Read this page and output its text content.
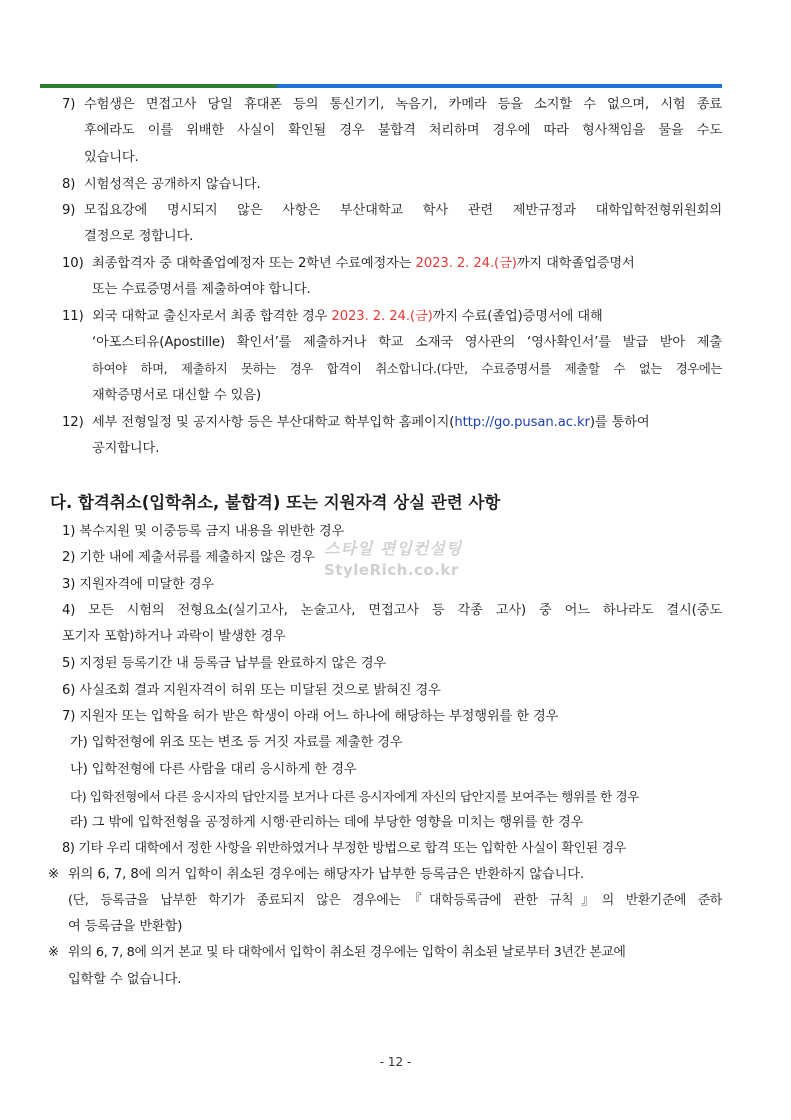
7) 수험생은 면접고사 당일 휴대폰 등의 통신기기, 녹음기, 카메라 등을 소지할 수 없으며, 시험 종료
후에라도 이를 위배한 사실이 확인될 경우 불합격 처리하며 경우에 따라 형사책임을 물을 수도
있습니다.
8) 시험성적은 공개하지 않습니다.
9) 모집요강에 명시되지 않은 사항은 부산대학교 학사 관련 제반규정과 대학입학전형위원회의
결정으로 정합니다.
10) 최종합격자 중 대학졸업예정자 또는 2학년 수료예정자는 2023. 2. 24.(금)까지 대학졸업증명서
또는 수료증명서를 제출하여야 합니다.
11) 외국 대학교 출신자로서 최종 합격한 경우 2023. 2. 24.(금)까지 수료(졸업)증명서에 대해
‘아포스티유(Apostille) 확인서’를 제출하거나 학교 소재국 영사관의 ‘영사확인서’를 발급 받아 제출
하여야 하며, 제출하지 못하는 경우 합격이 취소합니다.(다만, 수료증명서를 제출할 수 없는 경우에는
재학증명서로 대신할 수 있음)
12) 세부 전형일정 및 공지사항 등은 부산대학교 학부입학 홈페이지(http://go.pusan.ac.kr)를 통하여
공지합니다.
다. 합격취소(입학취소, 불합격) 또는 지원자격 상실 관련 사항
1) 복수지원 및 이중등록 금지 내용을 위반한 경우
2) 기한 내에 제출서류를 제출하지 않은 경우
3) 지원자격에 미달한 경우
4) 모든 시험의 전형요소(실기고사, 논술고사, 면접고사 등 각종 고사) 중 어느 하나라도 결시(중도
포기자 포함)하거나 과락이 발생한 경우
5) 지정된 등록기간 내 등록금 납부를 완료하지 않은 경우
6) 사실조회 결과 지원자격이 허위 또는 미달된 것으로 밝혀진 경우
7) 지원자 또는 입학을 허가 받은 학생이 아래 어느 하나에 해당하는 부정행위를 한 경우
가) 입학전형에 위조 또는 변조 등 거짓 자료를 제출한 경우
나) 입학전형에 다른 사람을 대리 응시하게 한 경우
다) 입학전형에서 다른 응시자의 답안지를 보거나 다른 응시자에게 자신의 답안지를 보여주는 행위를 한 경우
라) 그 밖에 입학전형을 공정하게 시행·관리하는 데에 부당한 영향을 미치는 행위를 한 경우
8) 기타 우리 대학에서 정한 사항을 위반하였거나 부정한 방법으로 합격 또는 입학한 사실이 확인된 경우
※ 위의 6, 7, 8에 의거 입학이 취소된 경우에는 해당자가 납부한 등록금은 반환하지 않습니다.
(단, 등록금을 납부한 학기가 종료되지 않은 경우에는『대학등록금에 관한 규칙』의 반환기준에 준하
여 등록금을 반환함)
※ 위의 6, 7, 8에 의거 본교 및 타 대학에서 입학이 취소된 경우에는 입학이 취소된 날로부터 3년간 본교에
입학할 수 없습니다.
스타일 편입컨설팅
StyleRich.co.kr
- 12 -
